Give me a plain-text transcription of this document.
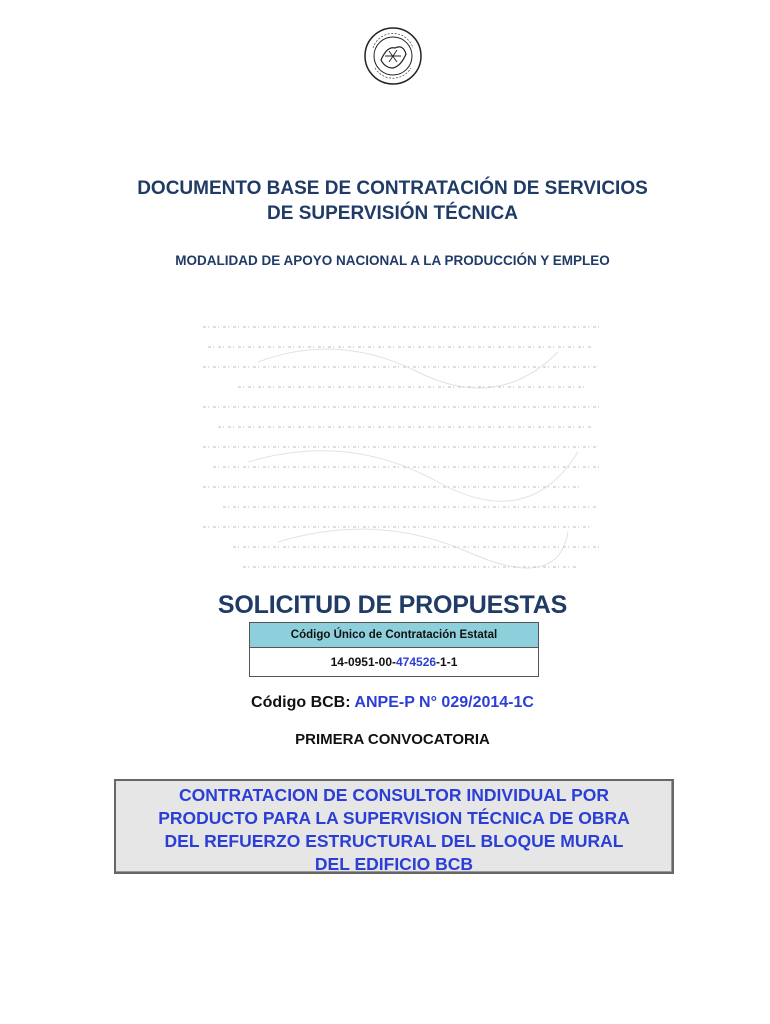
DOCUMENTO BASE DE CONTRATACIÓN DE SERVICIOS
DE SUPERVISIÓN TÉCNICA
MODALIDAD DE APOYO NACIONAL A LA PRODUCCIÓN Y EMPLEO
SOLICITUD DE PROPUESTAS
Código Único de Contratación Estatal
14-0951-00-474526-1-1
Código BCB: ANPE-P N° 029/2014-1C
PRIMERA CONVOCATORIA
CONTRATACION DE CONSULTOR INDIVIDUAL POR
PRODUCTO PARA LA SUPERVISION TÉCNICA DE OBRA
DEL REFUERZO ESTRUCTURAL DEL BLOQUE MURAL
DEL EDIFICIO BCB
